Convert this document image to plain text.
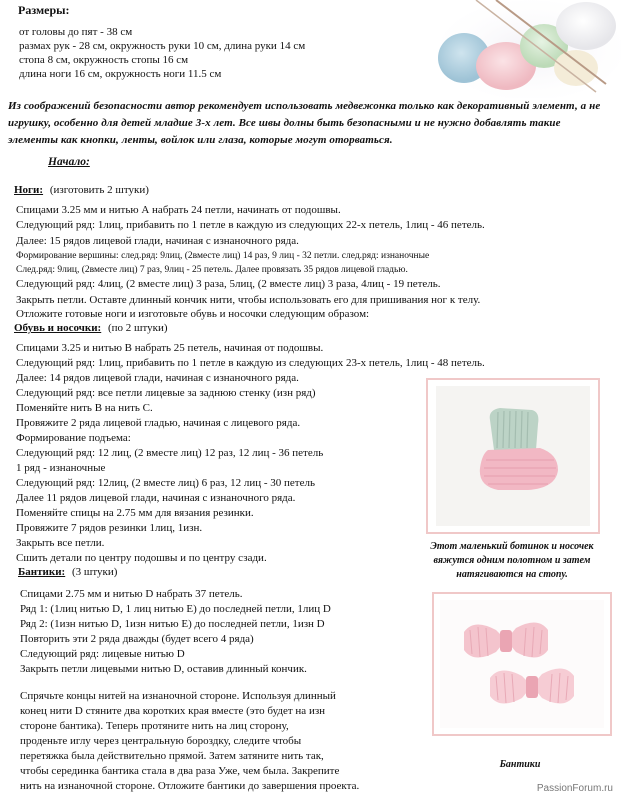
Размеры:
от головы до пят - 38 см
размах рук - 28 см, окружность руки 10 см, длина руки 14 см
стопа 8 см, окружность стопы 16 см
длина ноги 16 см, окружность ноги 11.5 см
Из соображений безопасности автор рекомендует использовать медвежонка только как декоративный элемент, а не игрушку, особенно для детей младше 3-х лет. Все швы долны быть безопасными и не нужно добавлять такие элементы как кнопки, ленты, войлок или глаза, которые могут оторваться.
Начало:
Ноги: (изготовить 2 штуки)
Спицами 3.25 мм и нитью А набрать 24 петли, начинать от подошвы.
Следующий ряд: 1лиц, прибавить по 1 петле в каждую из следующих 22-х петель, 1лиц - 46 петель.
Далее: 15 рядов лицевой глади, начиная с изнаночного ряда.
Формирование вершины: след.ряд: 9лиц, (2вместе лиц) 14 раз, 9 лиц - 32 петли. след.ряд: изнаночные
След.ряд: 9лиц, (2вместе лиц) 7 раз, 9лиц - 25 петель. Далее провязать 35 рядов лицевой гладью.
Следующий ряд: 4лиц, (2 вместе лиц) 3 раза, 5лиц, (2 вместе лиц) 3 раза, 4лиц - 19 петель.
Закрыть петли. Оставте длинный кончик нити, чтобы использовать его для пришивания ног к телу.
Отложите готовые ноги и изготовьте обувь и носочки следующим образом:
Обувь и носочки: (по 2 штуки)
Спицами 3.25 и нитью В набрать 25 петель, начиная от подошвы.
Следующий ряд: 1лиц, прибавить по 1 петле в каждую из следующих 23-х петель, 1лиц - 48 петель.
Далее: 14 рядов лицевой глади, начиная с изнаночного ряда.
Следующий ряд: все петли лицевые за заднюю стенку (изн ряд)
Поменяйте нить В на нить С.
Провяжите 2 ряда лицевой гладью, начиная с лицевого ряда.
Формирование подъема:
Следующий ряд: 12 лиц, (2 вместе лиц) 12 раз, 12 лиц - 36 петель
1 ряд - изнаночные
Следующий ряд: 12лиц, (2 вместе лиц) 6 раз, 12 лиц - 30 петель
Далее 11 рядов лицевой глади, начиная с изнаночного ряда.
Поменяйте спицы на 2.75 мм для вязания резинки.
Провяжите 7 рядов резинки 1лиц, 1изн.
Закрыть все петли.
Сшить детали по центру подошвы и по центру сзади.
Этот маленький ботинок и носочек вяжутся одним полотном и затем натягиваются на стопу.
Бантики: (3 штуки)
Спицами 2.75 мм и нитью D набрать 37 петель.
Ряд 1: (1лиц нитью D, 1 лиц нитью Е) до последней петли, 1лиц D
Ряд 2: (1изн нитью D, 1изн нитью Е) до последней петли, 1изн D
Повторить эти 2 ряда дважды (будет всего 4 ряда)
Следующий ряд: лицевые нитью D
Закрыть петли лицевыми нитью D, оставив длинный кончик.
Спрячьте концы нитей на изнаночной стороне. Используя длинный
конец нити D стяните два коротких края вместе (это будет на изн
стороне бантика). Теперь протяните нить на лиц сторону,
проденьте иглу через центральную бороздку, следите чтобы
перетяжка была действительно прямой. Затем затяните нить так,
чтобы серединка бантика стала в два раза Уже, чем была. Закрепите
нить на изнаночной стороне. Отложите бантики до завершения проекта.
Бантики
PassionForum.ru
